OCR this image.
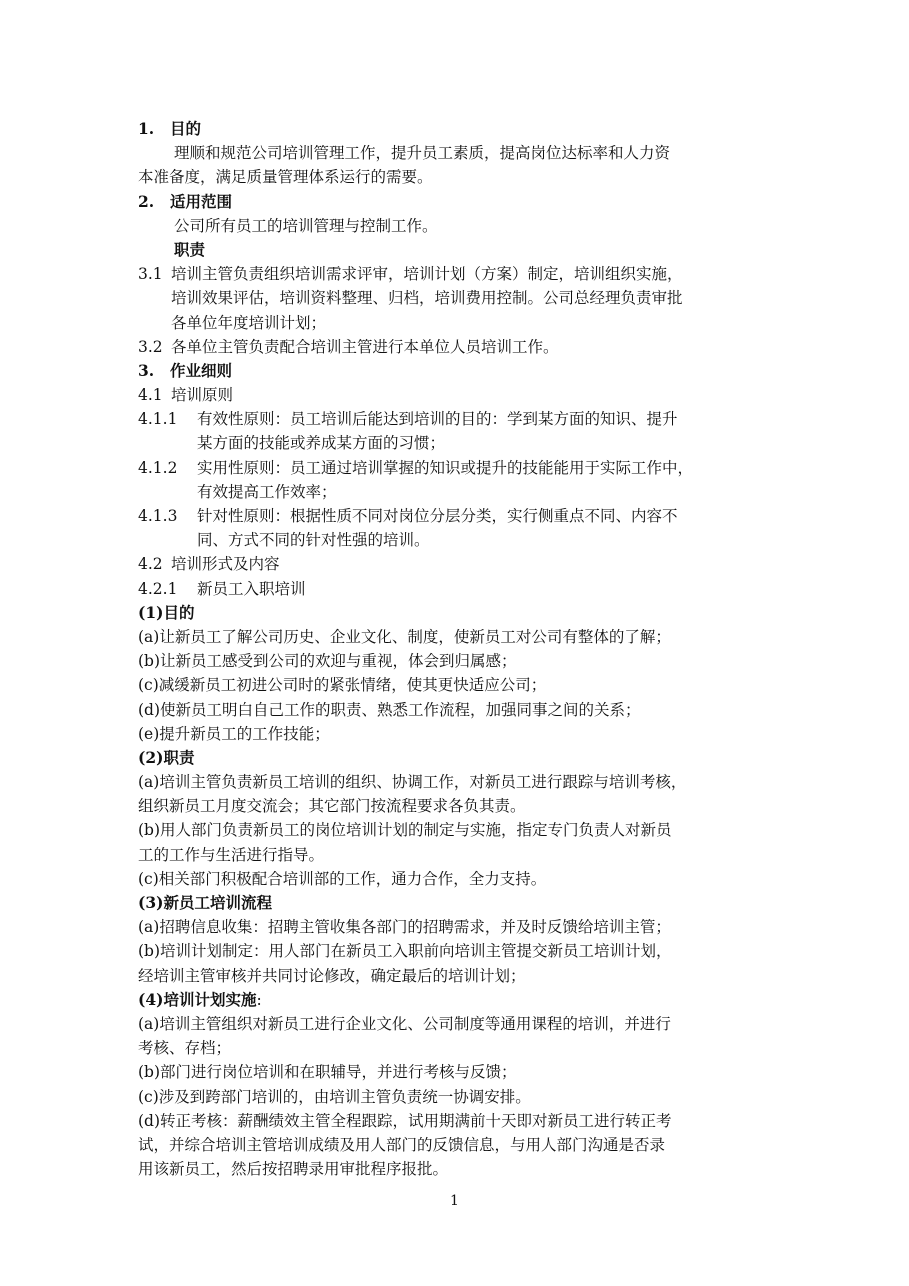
1. 目的
理顺和规范公司培训管理工作，提升员工素质，提高岗位达标率和人力资
本准备度，满足质量管理体系运行的需要。
2. 适用范围
公司所有员工的培训管理与控制工作。
职责
3.1 培训主管负责组织培训需求评审，培训计划（方案）制定，培训组织实施，
培训效果评估，培训资料整理、归档，培训费用控制。公司总经理负责审批
各单位年度培训计划；
3.2 各单位主管负责配合培训主管进行本单位人员培训工作。
3. 作业细则
4.1 培训原则
4.1.1 有效性原则：员工培训后能达到培训的目的：学到某方面的知识、提升
某方面的技能或养成某方面的习惯；
4.1.2 实用性原则：员工通过培训掌握的知识或提升的技能能用于实际工作中，
有效提高工作效率；
4.1.3 针对性原则：根据性质不同对岗位分层分类，实行侧重点不同、内容不
同、方式不同的针对性强的培训。
4.2 培训形式及内容
4.2.1 新员工入职培训
(1)目的
(a)让新员工了解公司历史、企业文化、制度，使新员工对公司有整体的了解；
(b)让新员工感受到公司的欢迎与重视，体会到归属感；
(c)减缓新员工初进公司时的紧张情绪，使其更快适应公司；
(d)使新员工明白自己工作的职责、熟悉工作流程，加强同事之间的关系；
(e)提升新员工的工作技能；
(2)职责
(a)培训主管负责新员工培训的组织、协调工作，对新员工进行跟踪与培训考核，
组织新员工月度交流会；其它部门按流程要求各负其责。
(b)用人部门负责新员工的岗位培训计划的制定与实施，指定专门负责人对新员
工的工作与生活进行指导。
(c)相关部门积极配合培训部的工作，通力合作，全力支持。
(3)新员工培训流程
(a)招聘信息收集：招聘主管收集各部门的招聘需求，并及时反馈给培训主管；
(b)培训计划制定：用人部门在新员工入职前向培训主管提交新员工培训计划，
经培训主管审核并共同讨论修改，确定最后的培训计划；
(4)培训计划实施:
(a)培训主管组织对新员工进行企业文化、公司制度等通用课程的培训，并进行
考核、存档；
(b)部门进行岗位培训和在职辅导，并进行考核与反馈；
(c)涉及到跨部门培训的，由培训主管负责统一协调安排。
(d)转正考核：薪酬绩效主管全程跟踪，试用期满前十天即对新员工进行转正考
试，并综合培训主管培训成绩及用人部门的反馈信息，与用人部门沟通是否录
用该新员工，然后按招聘录用审批程序报批。
1
